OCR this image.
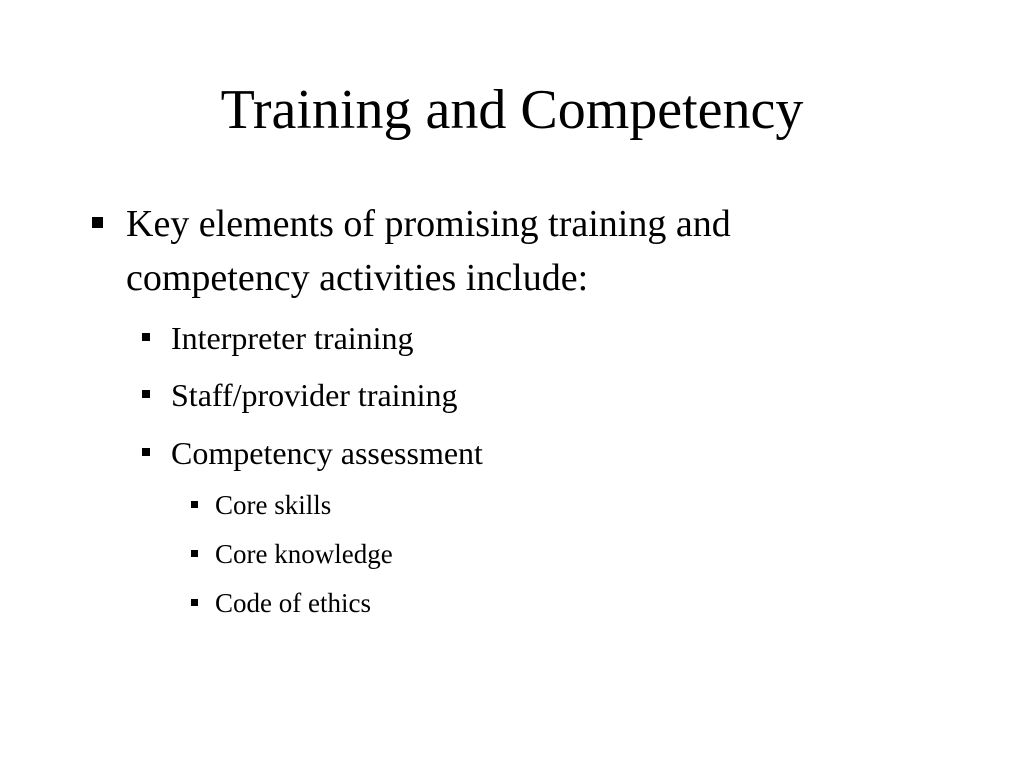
Training and Competency
Key elements of promising training and competency activities include:
Interpreter training
Staff/provider training
Competency assessment
Core skills
Core knowledge
Code of ethics
